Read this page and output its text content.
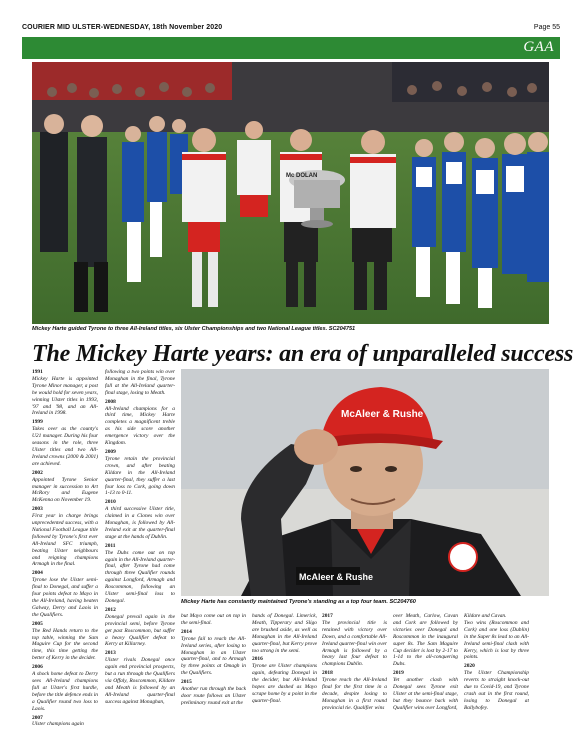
COURIER MID ULSTER-WEDNESDAY, 18th November 2020	Page 55
GAA
Mc DOLAN
Mickey Harte guided Tyrone to three All-Ireland titles, six Ulster Championships and two National League titles. SC204751
The Mickey Harte years: an era of unparalleled success
1991

Mickey Harte is appointed Tyrone Minor manager, a post he would hold for seven years, winning Ulster titles in 1993, '97 and '98, and an All-Ireland in 1998.

1999

Takes over as the county's U21 manager. During his four seasons in the role, three Ulster titles and two All-Ireland crowns (2000 & 2001) are achieved.

2002

Appointed Tyrone Senior manager in succession to Art McRory and Eugene McKenna on November 19.

2003

First year in charge brings unprecedented success, with a National Football League title followed by Tyrone's first ever All-Ireland SFC triumph, beating Ulster neighbours and reigning champions Armagh in the final.

2004

Tyrone lose the Ulster semi-final to Donegal, and suffer a four points defeat to Mayo in the All-Ireland, having beaten Galway, Derry and Laois in the Qualifiers.

2005

The Red Hands return to the top table, winning the Sam Maguire Cup for the second time, this time getting the better of Kerry in the decider.

2006

A shock home defeat to Derry sees All-Ireland champions fall at Ulster's first hurdle, before the title defence ends in a Qualifier round two loss to Laois.

2007

Ulster champions again

following a two points win over Monaghan in the final, Tyrone fall at the All-Ireland quarter-final stage, losing to Meath.

2008

All-Ireland champions for a third time, Mickey Harte completes a magnificent treble as his side score another emergence victory over the Kingdom.

2009

Tyrone retain the provincial crown, and after beating Kildare in the All-Ireland quarter-final, they suffer a last four loss to Cork, going down 1-13 to 0-11.

2010

A third successive Ulster title, claimed in a Clones win over Monaghan, is followed by All-Ireland exit at the quarter-final stage at the hands of Dublin.

2011

The Dubs come out on top again in the All-Ireland quarter-final, after Tyrone had come through three Qualifier rounds against Longford, Armagh and Roscommon, following an Ulster semi-final loss to Donegal.

2012

Donegal prevail again in the provincial semi, before Tyrone get past Roscommon, but suffer a heavy Qualifier defeat to Kerry at Killarney.

2013

Ulster rivals Donegal once again end provincial prospects, but a run through the Qualifiers via Offaly, Roscommon, Kildare and Meath is followed by an All-Ireland quarter-final success against Monaghan,

McAleer & Rushe
McAleer & Rushe
Mickey Harte has constantly maintained Tyrone's standing as a top four team. SC204760

but Mayo come out on top in the semi-final.

2014

Tyrone fail to reach the All-Ireland series, after losing to Monaghan in an Ulster quarter-final, and to Armagh by three points at Omagh in the Qualifiers.

2015

Another run through the back door route follows an Ulster preliminary round exit at the

hands of Donegal. Limerick, Meath, Tipperary and Sligo are brushed aside, as well as Monaghan in the All-Ireland quarter-final, but Kerry prove too strong in the semi.

2016

Tyrone are Ulster champions again, defeating Donegal in the decider, but All-Ireland hopes are dashed as Mayo scrape home by a point in the quarter-final.

2017

The provincial title is retained with victory over Down, and a comfortable All-Ireland quarter-final win over Armagh is followed by a heavy last four defeat to champions Dublin.

2018

Tyrone reach the All-Ireland final for the first time in a decade, despite losing to Monaghan in a first round provincial tie. Qualifier wins

over Meath, Carlow, Cavan and Cork are followed by victories over Donegal and Roscommon in the inaugural super 8s. The Sam Maguire Cup decider is lost by 2-17 to 1-14 to the all-conquering Dubs.

2019

Yet another clash with Donegal sees Tyrone exit Ulster at the semi-final stage, but they bounce back with Qualifier wins over Longford,

Kildare and Cavan.

Two wins (Roscommon and Cork) and one loss (Dublin) in the Super 8s lead to an All-Ireland semi-final clash with Kerry, which is lost by three points.

2020

The Ulster Championship reverts to straight knock-out due to Covid-19, and Tyrone crash out in the first round, losing to Donegal at Ballybofey.
